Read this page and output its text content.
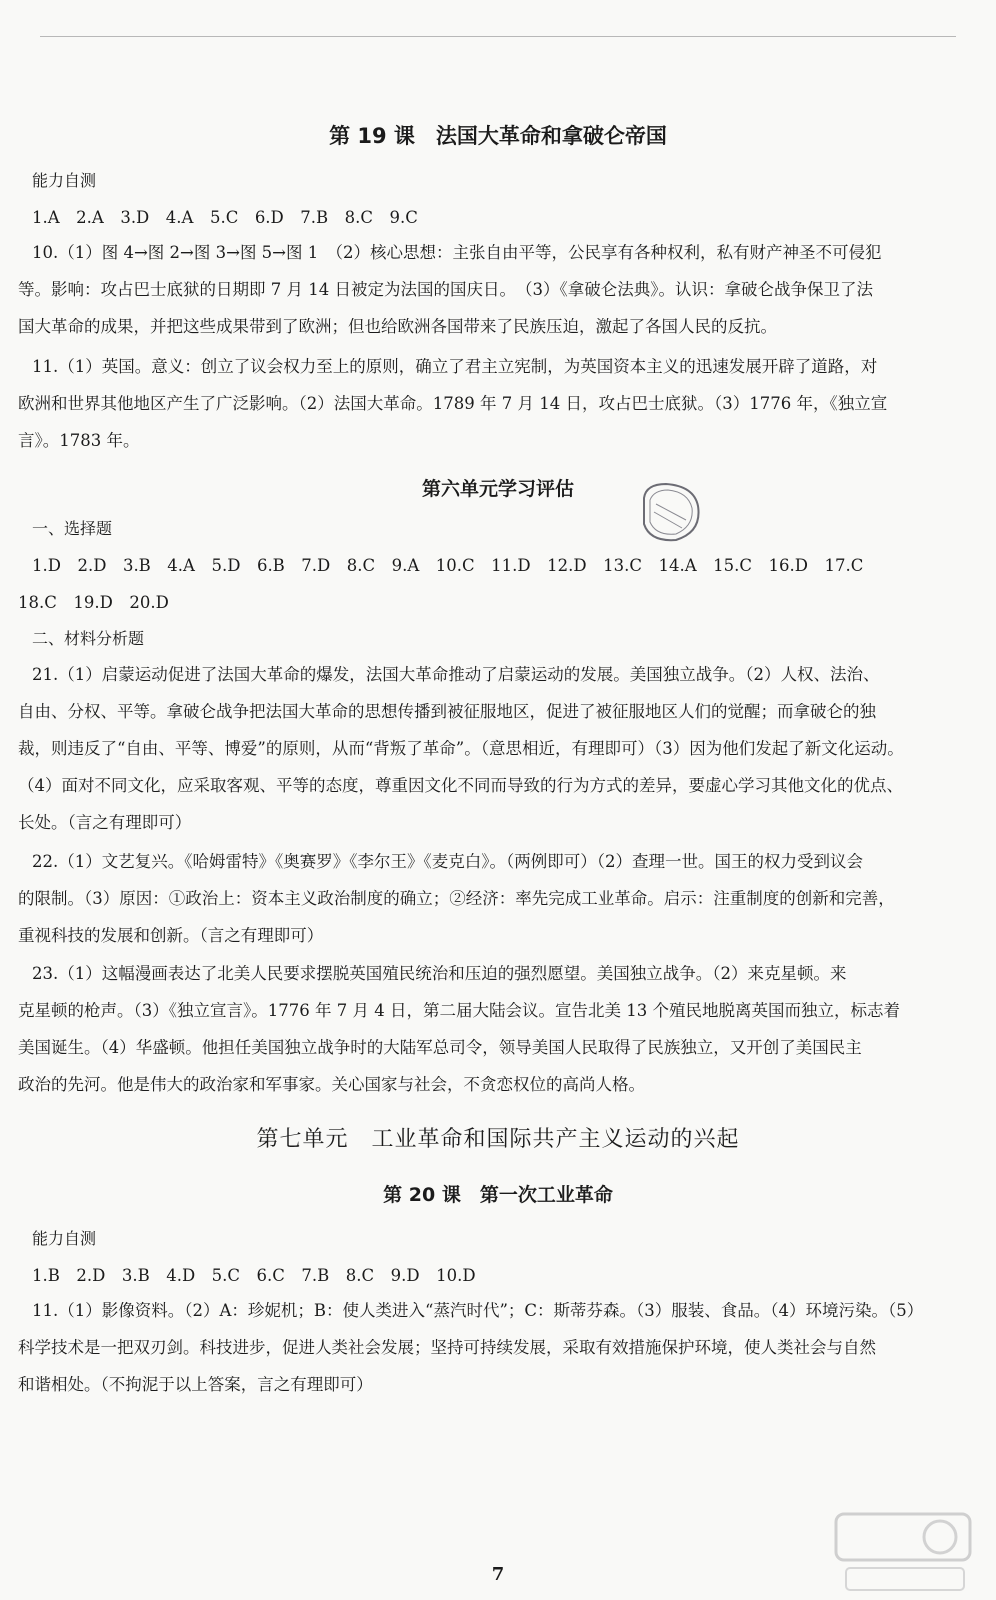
第 19 课　法国大革命和拿破仑帝国
能力自测
1.A　2.A　3.D　4.A　5.C　6.D　7.B　8.C　9.C
10.（1）图 4→图 2→图 3→图 5→图 1　（2）核心思想：主张自由平等，公民享有各种权利，私有财产神圣不可侵犯
等。影响：攻占巴士底狱的日期即 7 月 14 日被定为法国的国庆日。　（3）《拿破仑法典》。认识：拿破仑战争保卫了法
国大革命的成果，并把这些成果带到了欧洲；但也给欧洲各国带来了民族压迫，激起了各国人民的反抗。
11.（1）英国。意义：创立了议会权力至上的原则，确立了君主立宪制，为英国资本主义的迅速发展开辟了道路，对
欧洲和世界其他地区产生了广泛影响。（2）法国大革命。1789 年 7 月 14 日，攻占巴士底狱。（3）1776 年，《独立宣
言》。1783 年。
第六单元学习评估
一、选择题
1.D　2.D　3.B　4.A　5.D　6.B　7.D　8.C　9.A　10.C　11.D　12.D　13.C　14.A　15.C　16.D　17.C
18.C　19.D　20.D
二、材料分析题
21.（1）启蒙运动促进了法国大革命的爆发，法国大革命推动了启蒙运动的发展。美国独立战争。（2）人权、法治、
自由、分权、平等。拿破仑战争把法国大革命的思想传播到被征服地区，促进了被征服地区人们的觉醒；而拿破仑的独
裁，则违反了“自由、平等、博爱”的原则，从而“背叛了革命”。（意思相近，有理即可）（3）因为他们发起了新文化运动。
（4）面对不同文化，应采取客观、平等的态度，尊重因文化不同而导致的行为方式的差异，要虚心学习其他文化的优点、
长处。（言之有理即可）
22.（1）文艺复兴。《哈姆雷特》《奥赛罗》《李尔王》《麦克白》。（两例即可）（2）查理一世。国王的权力受到议会
的限制。（3）原因：①政治上：资本主义政治制度的确立；②经济：率先完成工业革命。启示：注重制度的创新和完善，
重视科技的发展和创新。（言之有理即可）
23.（1）这幅漫画表达了北美人民要求摆脱英国殖民统治和压迫的强烈愿望。美国独立战争。（2）来克星顿。来
克星顿的枪声。（3）《独立宣言》。1776 年 7 月 4 日，第二届大陆会议。宣告北美 13 个殖民地脱离英国而独立，标志着
美国诞生。（4）华盛顿。他担任美国独立战争时的大陆军总司令，领导美国人民取得了民族独立，又开创了美国民主
政治的先河。他是伟大的政治家和军事家。关心国家与社会，不贪恋权位的高尚人格。
第七单元　工业革命和国际共产主义运动的兴起
第 20 课　第一次工业革命
能力自测
1.B　2.D　3.B　4.D　5.C　6.C　7.B　8.C　9.D　10.D
11.（1）影像资料。（2）A：珍妮机；B：使人类进入“蒸汽时代”；C：斯蒂芬森。（3）服装、食品。（4）环境污染。（5）
科学技术是一把双刃剑。科技进步，促进人类社会发展；坚持可持续发展，采取有效措施保护环境，使人类社会与自然
和谐相处。（不拘泥于以上答案，言之有理即可）
7
